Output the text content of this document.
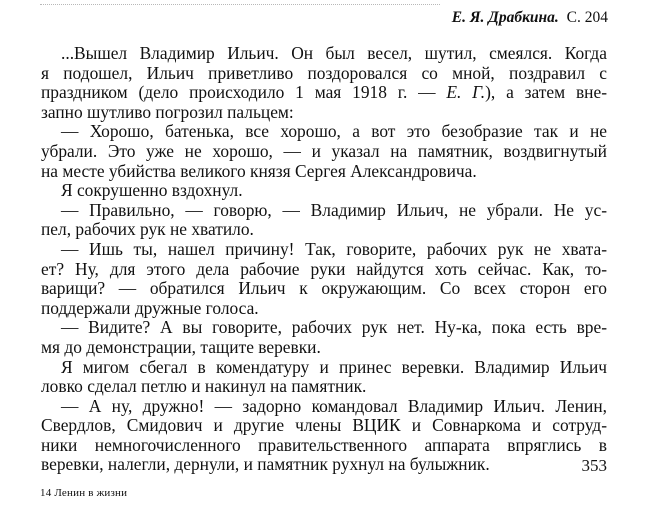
Е. Я. Драбкина. С. 204
...Вышел Владимир Ильич. Он был весел, шутил, смеялся. Когда
я подошел, Ильич приветливо поздоровался со мной, поздравил с
праздником (дело происходило 1 мая 1918 г. — Е. Г.), а затем вне-
запно шутливо погрозил пальцем:
— Хорошо, батенька, все хорошо, а вот это безобразие так и не
убрали. Это уже не хорошо, — и указал на памятник, воздвигнутый
на месте убийства великого князя Сергея Александровича.
Я сокрушенно вздохнул.
— Правильно, — говорю, — Владимир Ильич, не убрали. Не ус-
пел, рабочих рук не хватило.
— Ишь ты, нашел причину! Так, говорите, рабочих рук не хвата-
ет? Ну, для этого дела рабочие руки найдутся хоть сейчас. Как, то-
варищи? — обратился Ильич к окружающим. Со всех сторон его
поддержали дружные голоса.
— Видите? А вы говорите, рабочих рук нет. Ну-ка, пока есть вре-
мя до демонстрации, тащите веревки.
Я мигом сбегал в комендатуру и принес веревки. Владимир Ильич
ловко сделал петлю и накинул на памятник.
— А ну, дружно! — задорно командовал Владимир Ильич. Ленин,
Свердлов, Смидович и другие члены ВЦИК и Совнаркома и сотруд-
ники немногочисленного правительственного аппарата впряглись в
веревки, налегли, дернули, и памятник рухнул на булыжник.	353
14 Ленин в жизни
